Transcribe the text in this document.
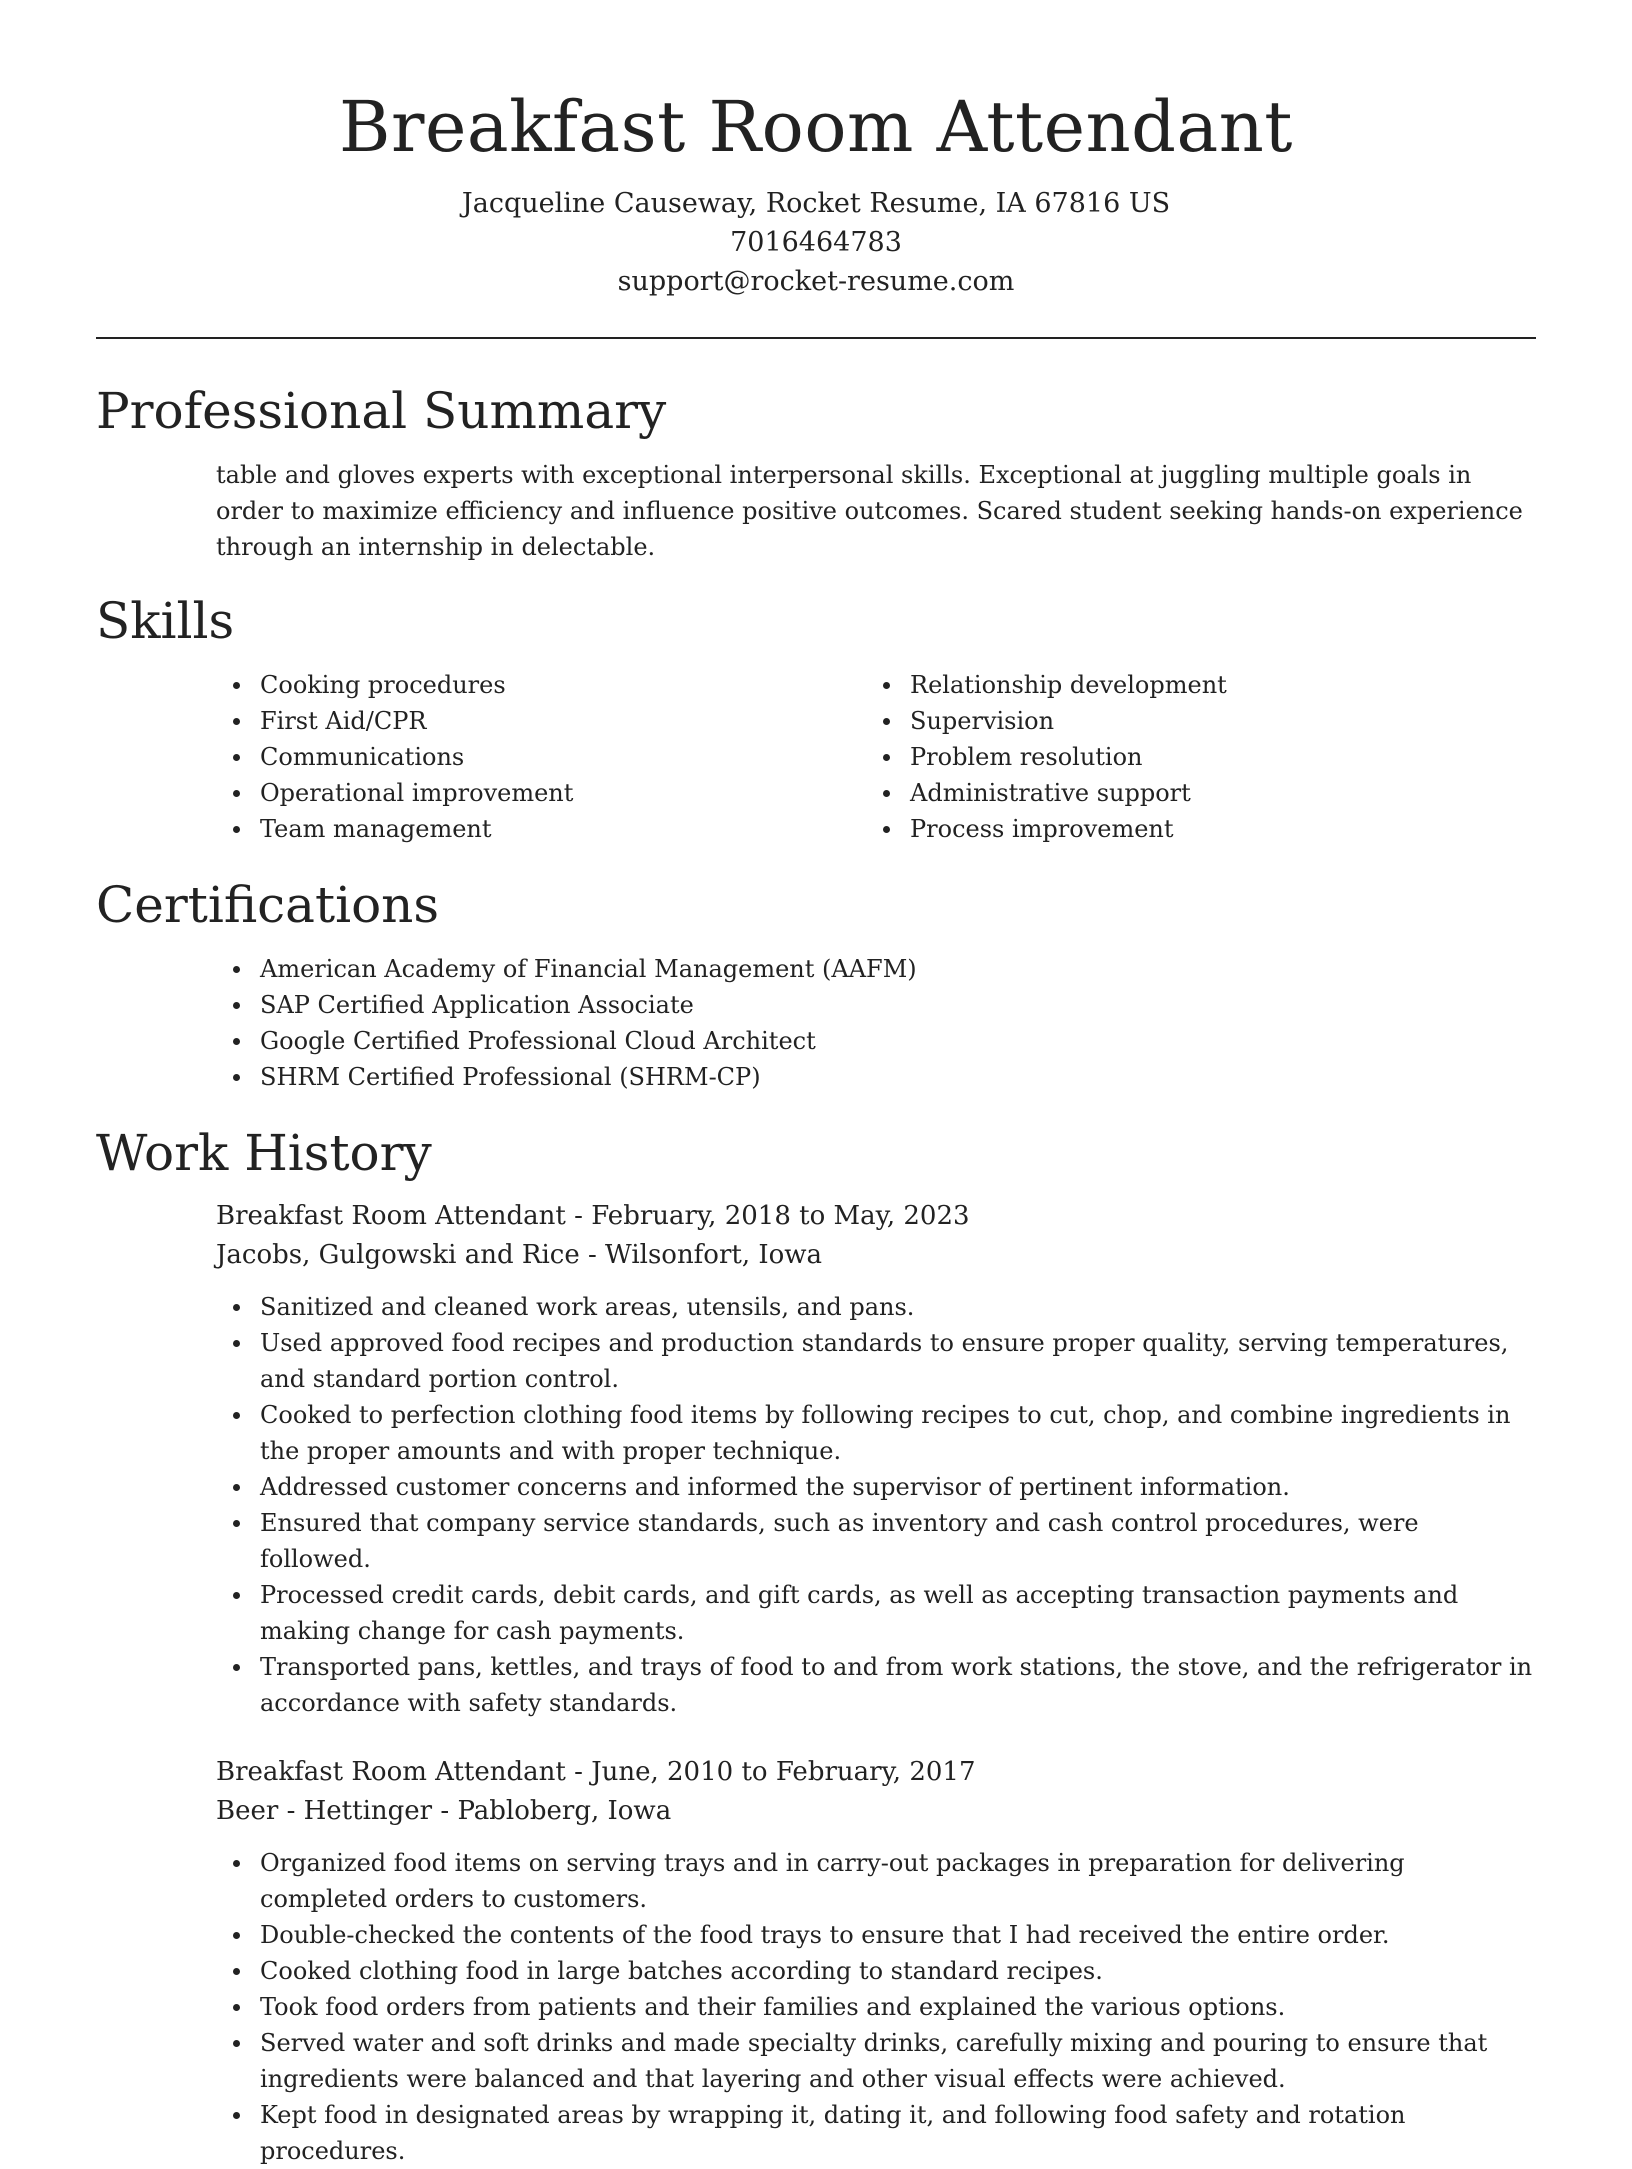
Breakfast Room Attendant
Jacqueline Causeway, Rocket Resume, IA 67816 US
7016464783
support@rocket-resume.com
Professional Summary
table and gloves experts with exceptional interpersonal skills. Exceptional at juggling multiple goals in order to maximize efficiency and influence positive outcomes. Scared student seeking hands-on experience through an internship in delectable.
Skills
Cooking procedures
First Aid/CPR
Communications
Operational improvement
Team management
Relationship development
Supervision
Problem resolution
Administrative support
Process improvement
Certifications
American Academy of Financial Management (AAFM)
SAP Certified Application Associate
Google Certified Professional Cloud Architect
SHRM Certified Professional (SHRM-CP)
Work History
Breakfast Room Attendant - February, 2018 to May, 2023
Jacobs, Gulgowski and Rice - Wilsonfort, Iowa
Sanitized and cleaned work areas, utensils, and pans.
Used approved food recipes and production standards to ensure proper quality, serving temperatures, and standard portion control.
Cooked to perfection clothing food items by following recipes to cut, chop, and combine ingredients in the proper amounts and with proper technique.
Addressed customer concerns and informed the supervisor of pertinent information.
Ensured that company service standards, such as inventory and cash control procedures, were followed.
Processed credit cards, debit cards, and gift cards, as well as accepting transaction payments and making change for cash payments.
Transported pans, kettles, and trays of food to and from work stations, the stove, and the refrigerator in accordance with safety standards.
Breakfast Room Attendant - June, 2010 to February, 2017
Beer - Hettinger - Pabloberg, Iowa
Organized food items on serving trays and in carry-out packages in preparation for delivering completed orders to customers.
Double-checked the contents of the food trays to ensure that I had received the entire order.
Cooked clothing food in large batches according to standard recipes.
Took food orders from patients and their families and explained the various options.
Served water and soft drinks and made specialty drinks, carefully mixing and pouring to ensure that ingredients were balanced and that layering and other visual effects were achieved.
Kept food in designated areas by wrapping it, dating it, and following food safety and rotation procedures.
